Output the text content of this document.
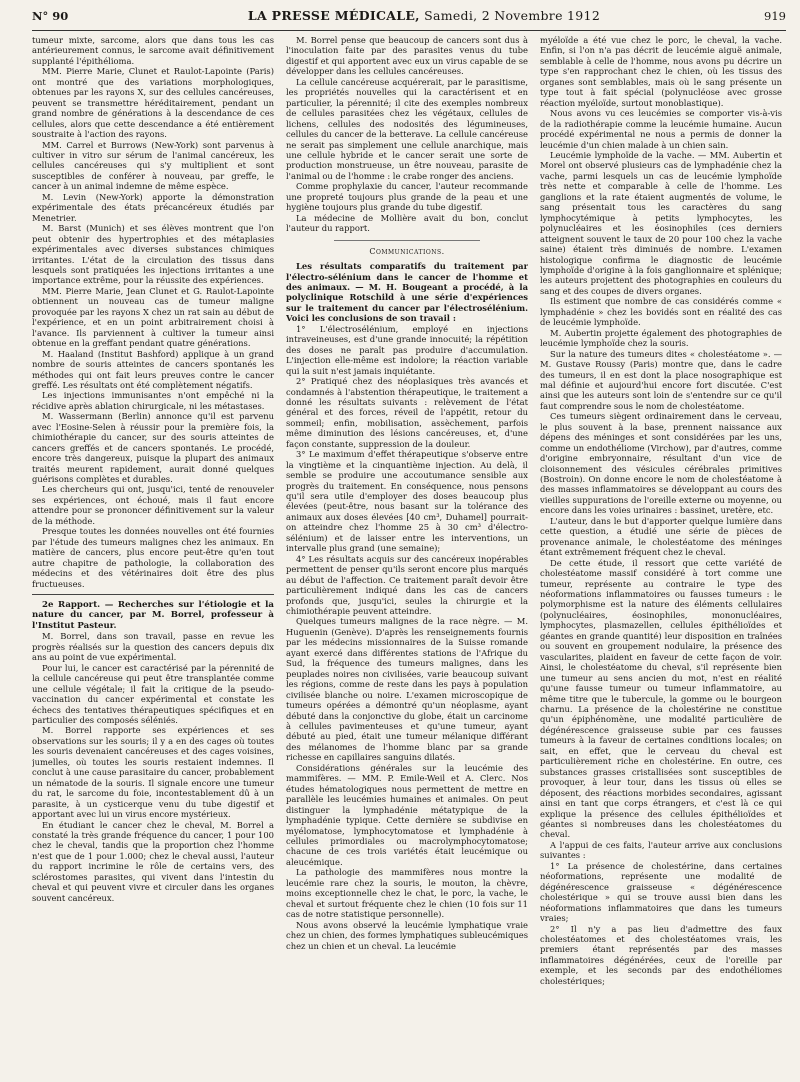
N° 90	LA PRESSE MÉDICALE, Samedi, 2 Novembre 1912	919

tumeur mixte, sarcome, alors que dans tous les cas antérieurement connus, le sarcome avait définitivement supplanté l'épithélioma.

MM. Pierre Marie, Clunet et Raulot-Lapointe (Paris) ont montré que des variations morphologiques, obtenues par les rayons X, sur des cellules cancéreuses, peuvent se transmettre héréditairement, pendant un grand nombre de générations à la descendance de ces cellules, alors que cette descendance a été entièrement soustraite à l'action des rayons.

MM. Carrel et Burrows (New-York) sont parvenus à cultiver in vitro sur sérum de l'animal cancéreux, les cellules cancéreuses qui s'y multiplient et sont susceptibles de conférer à nouveau, par greffe, le cancer à un animal indemne de même espèce.

M. Levin (New-York) apporte la démonstration expérimentale des états précancéreux étudiés par Menetrier.

M. Barst (Munich) et ses élèves montrent que l'on peut obtenir des hypertrophies et des métaplasies expérimentales avec diverses substances chimiques irritantes. L'état de la circulation des tissus dans lesquels sont pratiquées les injections irritantes a une importance extrême, pour la réussite des expériences.

MM. Pierre Marie, Jean Clunet et G. Raulot-Lapointe obtiennent un nouveau cas de tumeur maligne provoquée par les rayons X chez un rat sain au début de l'expérience, et en un point arbitrairement choisi à l'avance. Ils parviennent à cultiver la tumeur ainsi obtenue en la greffant pendant quatre générations.

M. Haaland (Institut Bashford) applique à un grand nombre de souris atteintes de cancers spontanés les méthodes qui ont fait leurs preuves contre le cancer greffé. Les résultats ont été complètement négatifs.

Les injections immunisantes n'ont empêché ni la récidive après ablation chirurgicale, ni les métastases.

M. Wassermann (Berlin) annonce qu'il est parvenu avec l'Eosine-Selen à réussir pour la première fois, la chimiothérapie du cancer, sur des souris atteintes de cancers greffés et de cancers spontanés. Le procédé, encore très dangereux, puisque la plupart des animaux traités meurent rapidement, aurait donné quelques guérisons complètes et durables.

Les chercheurs qui ont, jusqu'ici, tenté de renouveler ses expériences, ont échoué, mais il faut encore attendre pour se prononcer définitivement sur la valeur de la méthode.

Presque toutes les données nouvelles ont été fournies par l'étude des tumeurs malignes chez les animaux. En matière de cancers, plus encore peut-être qu'en tout autre chapitre de pathologie, la collaboration des médecins et des vétérinaires doit être des plus fructueuses.

2e Rapport. — Recherches sur l'étiologie et la nature du cancer, par M. Borrel, professeur à l'Institut Pasteur.

M. Borrel, dans son travail, passe en revue les progrès réalisés sur la question des cancers depuis dix ans au point de vue expérimental.

Pour lui, le cancer est caractérisé par la pérennité de la cellule cancéreuse qui peut être transplantée comme une cellule végétale; il fait la critique de la pseudo-vaccination du cancer expérimental et constate les échecs des tentatives thérapeutiques spécifiques et en particulier des composés séléniés.

M. Borrel rapporte ses expériences et ses observations sur les souris; il y a en des cages où toutes les souris devenaient cancéreuses et des cages voisines, jumelles, où toutes les souris restaient indemnes. Il conclut à une cause parasitaire du cancer, probablement un nématode de la souris. Il signale encore une tumeur du rat, le sarcome du foie, incontestablement dû à un parasite, à un cysticerque venu du tube digestif et apportant avec lui un virus encore mystérieux.

En étudiant le cancer chez le cheval, M. Borrel a constaté la très grande fréquence du cancer, 1 pour 100 chez le cheval, tandis que la proportion chez l'homme n'est que de 1 pour 1.000; chez le cheval aussi, l'auteur du rapport incrimine le rôle de certains vers, des sclérostomes parasites, qui vivent dans l'intestin du cheval et qui peuvent vivre et circuler dans les organes souvent cancéreux.

M. Borrel pense que beaucoup de cancers sont dus à l'inoculation faite par des parasites venus du tube digestif et qui apportent avec eux un virus capable de se développer dans les cellules cancéreuses.

La cellule cancéreuse acquérerait, par le parasitisme, les propriétés nouvelles qui la caractérisent et en particulier, la pérennité; il cite des exemples nombreux de cellules parasitées chez les végétaux, cellules de lichens, cellules des nodosités des légumineuses, cellules du cancer de la betterave. La cellule cancéreuse ne serait pas simplement une cellule anarchique, mais une cellule hybride et le cancer serait une sorte de production monstrueuse, un être nouveau, parasite de l'animal ou de l'homme : le crabe ronger des anciens.

Comme prophylaxie du cancer, l'auteur recommande une propreté toujours plus grande de la peau et une hygiène toujours plus grande du tube digestif.

La médecine de Mollière avait du bon, conclut l'auteur du rapport.

Communications.

Les résultats comparatifs du traitement par l'électro-sélénium dans le cancer de l'homme et des animaux. — M. H. Bougeant a procédé, à la polyclinique Rotschild à une série d'expériences sur le traitement du cancer par l'électrosélénium. Voici les conclusions de son travail :

1° L'électrosélénium, employé en injections intraveineuses, est d'une grande innocuité; la répétition des doses ne paraît pas produire d'accumulation. L'injection elle-même est indolore; la réaction variable qui la suit n'est jamais inquiétante.

2° Pratiqué chez des néoplasiques très avancés et condamnés à l'abstention thérapeutique, le traitement a donné les résultats suivants : relèvement de l'état général et des forces, réveil de l'appétit, retour du sommeil; enfin, mobilisation, assèchement, parfois même diminution des lésions cancéreuses, et, d'une façon constante, suppression de la douleur.

3° Le maximum d'effet thérapeutique s'observe entre la vingtième et la cinquantième injection. Au delà, il semble se produire une accoutumance sensible aux progrès du traitement. En conséquence, nous pensons qu'il sera utile d'employer des doses beaucoup plus élevées (peut-être, nous basant sur la tolérance des animaux aux doses élevées [40 cm³, Duhamel] pourrait-on atteindre chez l'homme 25 à 30 cm³ d'électro-sélénium) et de laisser entre les interventions, un intervalle plus grand (une semaine);

4° Les résultats acquis sur des cancéreux inopérables permettent de penser qu'ils seront encore plus marqués au début de l'affection. Ce traitement paraît devoir être particulièrement indiqué dans les cas de cancers profonds que, jusqu'ici, seules la chirurgie et la chimiothérapie peuvent atteindre.

Quelques tumeurs malignes de la race nègre. — M. Huguenin (Genève). D'après les renseignements fournis par les médecins missionnaires de la Suisse romande ayant exercé dans différentes stations de l'Afrique du Sud, la fréquence des tumeurs malignes, dans les peuplades noires non civilisées, varie beaucoup suivant les régions, comme de reste dans les pays à population civilisée blanche ou noire. L'examen microscopique de tumeurs opérées a démontré qu'un néoplasme, ayant débuté dans la conjonctive du globe, était un carcinome à cellules pavimenteuses et qu'une tumeur, ayant débuté au pied, était une tumeur mélanique différant des mélanomes de l'homme blanc par sa grande richesse en capillaires sanguins dilatés.

Considérations générales sur la leucémie des mammifères. — MM. P. Emile-Weil et A. Clerc. Nos études hématologiques nous permettent de mettre en parallèle les leucémies humaines et animales. On peut distinguer la lymphadénie métatypique de la lymphadénie typique. Cette dernière se subdivise en myélomatose, lymphocytomatose et lymphadénie à cellules primordiales ou macrolymphocytomatose; chacune de ces trois variétés était leucémique ou aleucémique.

La pathologie des mammifères nous montre la leucémie rare chez la souris, le mouton, la chèvre, moins exceptionnelle chez le chat, le porc, la vache, le cheval et surtout fréquente chez le chien (10 fois sur 11 cas de notre statistique personnelle).

Nous avons observé la leucémie lymphatique vraie chez un chien, des formes lymphatiques subleucémiques chez un chien et un cheval. La leucémie

myéloïde a été vue chez le porc, le cheval, la vache. Enfin, si l'on n'a pas décrit de leucémie aiguë animale, semblable à celle de l'homme, nous avons pu décrire un type s'en rapprochant chez le chien, où les tissus des organes sont semblables, mais où le sang présente un type tout à fait spécial (polynucléose avec grosse réaction myéloïde, surtout monoblastique).

Nous avons vu ces leucémies se comporter vis-à-vis de la radiothérapie comme la leucémie humaine. Aucun procédé expérimental ne nous a permis de donner la leucémie d'un chien malade à un chien sain.

Leucémie lymphoïde de la vache. — MM. Aubertin et Morel ont observé plusieurs cas de lymphadénie chez la vache, parmi lesquels un cas de leucémie lymphoïde très nette et comparable à celle de l'homme. Les ganglions et la rate étaient augmentés de volume, le sang présentait tous les caractères du sang lymphocytémique à petits lymphocytes, les polynucléaires et les éosinophiles (ces derniers atteignent souvent le taux de 20 pour 100 chez la vache saine) étaient très diminués de nombre. L'examen histologique confirma le diagnostic de leucémie lymphoïde d'origine à la fois ganglionnaire et splénique; les auteurs projettent des photographies en couleurs du sang et des coupes de divers organes.

Ils estiment que nombre de cas considérés comme « lymphadénie » chez les bovidés sont en réalité des cas de leucémie lymphoïde.

M. Aubertin projette également des photographies de leucémie lymphoïde chez la souris.

Sur la nature des tumeurs dites « cholestéatome ». — M. Gustave Roussy (Paris) montre que, dans le cadre des tumeurs, il en est dont la place nosographique est mal définie et aujourd'hui encore fort discutée. C'est ainsi que les auteurs sont loin de s'entendre sur ce qu'il faut comprendre sous le nom de cholestéatome.

Ces tumeurs siègent ordinairement dans le cerveau, le plus souvent à la base, prennent naissance aux dépens des méninges et sont considérées par les uns, comme un endothéliome (Virchow), par d'autres, comme d'origine embryonnaire, résultant d'un vice de cloisonnement des vésicules cérébrales primitives (Bostroin). On donne encore le nom de cholestéatome à des masses inflammatoires se développant au cours des vieilles suppurations de l'oreille externe ou moyenne, ou encore dans les voies urinaires : bassinet, uretère, etc.

L'auteur, dans le but d'apporter quelque lumière dans cette question, a étudié une série de pièces de provenance animale, le cholestéatome des méninges étant extrêmement fréquent chez le cheval.

De cette étude, il ressort que cette variété de cholestéatome massif considéré à tort comme une tumeur, représente au contraire le type des néoformations inflammatoires ou fausses tumeurs : le polymorphisme est la nature des éléments cellulaires (polynucléaires, éosinophiles, mononucléaires, lymphocytes, plasmazellen, cellules épithélioïdes et géantes en grande quantité) leur disposition en traînées ou souvent en groupement nodulaire, la présence des vascularites, plaident en faveur de cette façon de voir. Ainsi, le cholestéatome du cheval, s'il représente bien une tumeur au sens ancien du mot, n'est en réalité qu'une fausse tumeur ou tumeur inflammatoire, au même titre que le tubercule, la gomme ou le bourgeon charnu. La présence de la cholestérine ne constitue qu'un épiphénomène, une modalité particulière de dégénérescence graisseuse subie par ces fausses tumeurs à la faveur de certaines conditions locales; on sait, en effet, que le cerveau du cheval est particulièrement riche en cholestérine. En outre, ces substances grasses cristallisées sont susceptibles de provoquer, à leur tour, dans les tissus où elles se déposent, des réactions morbides secondaires, agissant ainsi en tant que corps étrangers, et c'est là ce qui explique la présence des cellules épithélioïdes et géantes si nombreuses dans les cholestéatomes du cheval.

A l'appui de ces faits, l'auteur arrive aux conclusions suivantes :

1° La présence de cholestérine, dans certaines néoformations, représente une modalité de dégénérescence graisseuse « dégénérescence cholestérique » qui se trouve aussi bien dans les néoformations inflammatoires que dans les tumeurs vraies;

2° Il n'y a pas lieu d'admettre des faux cholestéatomes et des cholestéatomes vrais, les premiers étant représentés par des masses inflammatoires dégénérées, ceux de l'oreille par exemple, et les seconds par des endothéliomes cholestériques;
